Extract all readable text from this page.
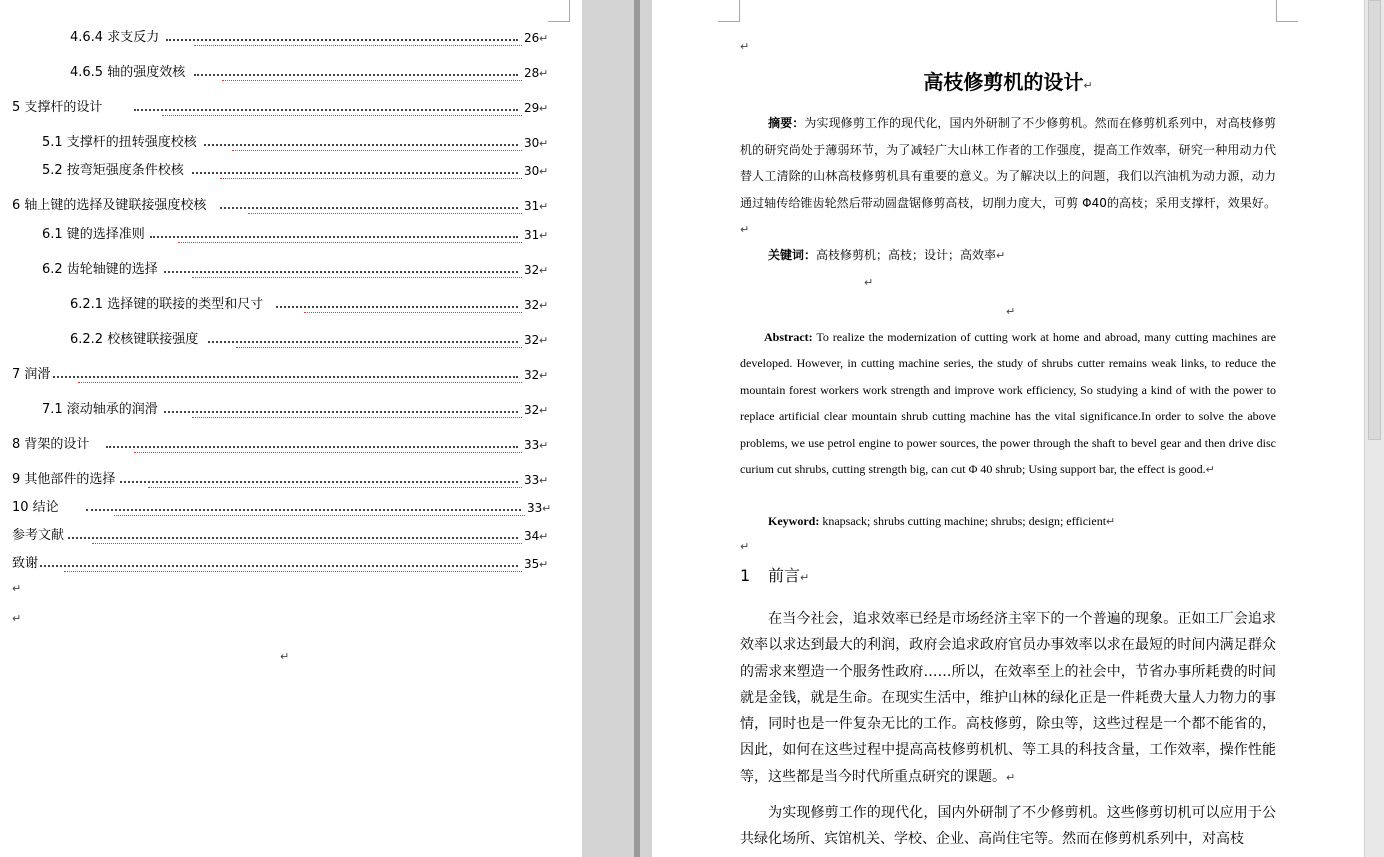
4.6.4 求支反力	26 ↵
4.6.5 轴的强度效核	28 ↵
5 支撑杆的设计	29 ↵
5.1 支撑杆的扭转强度校核	30 ↵
5.2 按弯矩强度条件校核	30 ↵
6 轴上键的选择及键联接强度校核	31 ↵
6.1 键的选择准则	31 ↵
6.2 齿轮轴键的选择	32 ↵
6.2.1 选择键的联接的类型和尺寸	32 ↵
6.2.2 校核键联接强度	32 ↵
7 润滑	32 ↵
7.1 滚动轴承的润滑	32 ↵
8 背架的设计	33 ↵
9 其他部件的选择	33 ↵
10 结论	33 ↵
参考文献	34 ↵
致谢	35 ↵
↵
↵
↵
↵
高枝修剪机的设计↵
摘要：为实现修剪工作的现代化，国内外研制了不少修剪机。然而在修剪机系列中，对高枝修剪机的研究尚处于薄弱环节，为了减轻广大山林工作者的工作强度，提高工作效率，研究一种用动力代替人工清除的山林高枝修剪机具有重要的意义。为了解决以上的问题，我们以汽油机为动力源，动力通过轴传给锥齿轮然后带动圆盘锯修剪高枝，切削力度大，可剪 Φ40的高枝；采用支撑杆，效果好。↵
关键词：高枝修剪机；高枝；设计；高效率↵
↵
↵
Abstract: To realize the modernization of cutting work at home and abroad, many cutting machines are developed. However, in cutting machine series, the study of shrubs cutter remains weak links, to reduce the mountain forest workers work strength and improve work efficiency, So studying a kind of with the power to replace artificial clear mountain shrub cutting machine has the vital significance.In order to solve the above problems, we use petrol engine to power sources, the power through the shaft to bevel gear and then drive disc curium cut shrubs, cutting strength big, can cut Φ 40 shrub; Using support bar, the effect is good.↵
Keyword: knapsack; shrubs cutting machine; shrubs; design; efficient↵
↵
1 前言↵
在当今社会，追求效率已经是市场经济主宰下的一个普遍的现象。正如工厂会追求效率以求达到最大的利润，政府会追求政府官员办事效率以求在最短的时间内满足群众的需求来塑造一个服务性政府……所以，在效率至上的社会中，节省办事所耗费的时间就是金钱，就是生命。在现实生活中，维护山林的绿化正是一件耗费大量人力物力的事情，同时也是一件复杂无比的工作。高枝修剪，除虫等，这些过程是一个都不能省的，因此，如何在这些过程中提高高枝修剪机机、等工具的科技含量，工作效率，操作性能等，这些都是当今时代所重点研究的课题。↵
为实现修剪工作的现代化，国内外研制了不少修剪机。这些修剪切机可以应用于公共绿化场所、宾馆机关、学校、企业、高尚住宅等。然而在修剪机系列中，对高枝
